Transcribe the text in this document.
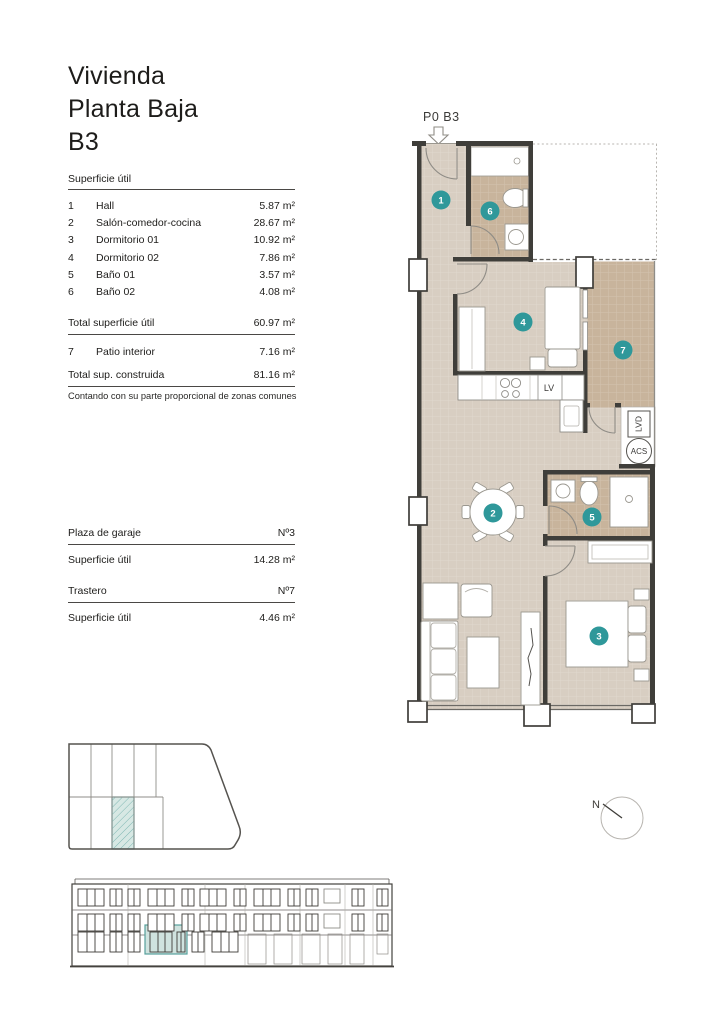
Vivienda
Planta Baja
B3
Superficie útil
1	Hall	5.87 m²
2	Salón-comedor-cocina	28.67 m²
3	Dormitorio 01	10.92 m²
4	Dormitorio 02	7.86 m²
5	Baño 01	3.57 m²
6	Baño 02	4.08 m²
Total superficie útil	60.97 m²
7	Patio interior	7.16 m²
Total sup. construida	81.16 m²
Contando con su parte proporcional de zonas comunes
Plaza de garaje	Nº3
Superficie útil	14.28 m²
Trastero	Nº7
Superficie útil	4.46 m²
P0 B3
LV
LVD
ACS
1
2
3
4
5
6
7
N
